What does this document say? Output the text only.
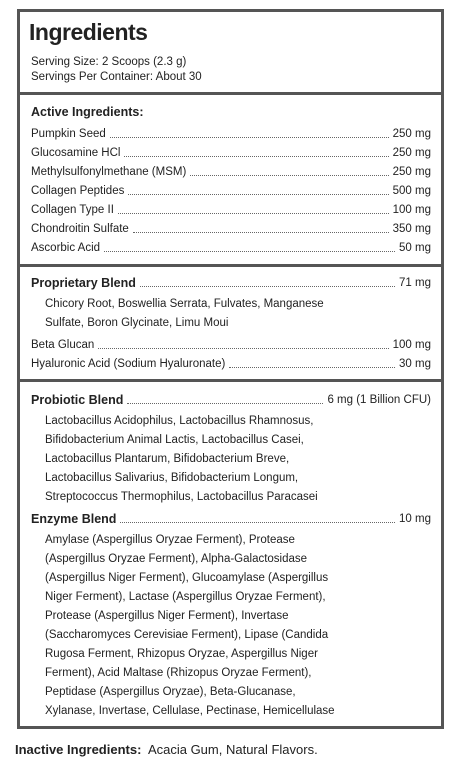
Ingredients
Serving Size: 2 Scoops (2.3 g)
Servings Per Container: About 30
Active Ingredients:
Pumpkin Seed	250 mg
Glucosamine HCl	250 mg
Methylsulfonylmethane (MSM)	250 mg
Collagen Peptides	500 mg
Collagen Type II	100 mg
Chondroitin Sulfate	350 mg
Ascorbic Acid	50 mg
Proprietary Blend	71 mg
Chicory Root, Boswellia Serrata, Fulvates, Manganese
Sulfate, Boron Glycinate, Limu Moui
Beta Glucan	100 mg
Hyaluronic Acid (Sodium Hyaluronate)	30 mg
Probiotic Blend	6 mg (1 Billion CFU)
Lactobacillus Acidophilus, Lactobacillus Rhamnosus,
Bifidobacterium Animal Lactis, Lactobacillus Casei,
Lactobacillus Plantarum, Bifidobacterium Breve,
Lactobacillus Salivarius, Bifidobacterium Longum,
Streptococcus Thermophilus, Lactobacillus Paracasei
Enzyme Blend	10 mg
Amylase (Aspergillus Oryzae Ferment), Protease
(Aspergillus Oryzae Ferment), Alpha-Galactosidase
(Aspergillus Niger Ferment), Glucoamylase (Aspergillus
Niger Ferment), Lactase (Aspergillus Oryzae Ferment),
Protease (Aspergillus Niger Ferment), Invertase
(Saccharomyces Cerevisiae Ferment), Lipase (Candida
Rugosa Ferment, Rhizopus Oryzae, Aspergillus Niger
Ferment), Acid Maltase (Rhizopus Oryzae Ferment),
Peptidase (Aspergillus Oryzae), Beta-Glucanase,
Xylanase, Invertase, Cellulase, Pectinase, Hemicellulase
Inactive Ingredients: Acacia Gum, Natural Flavors.
